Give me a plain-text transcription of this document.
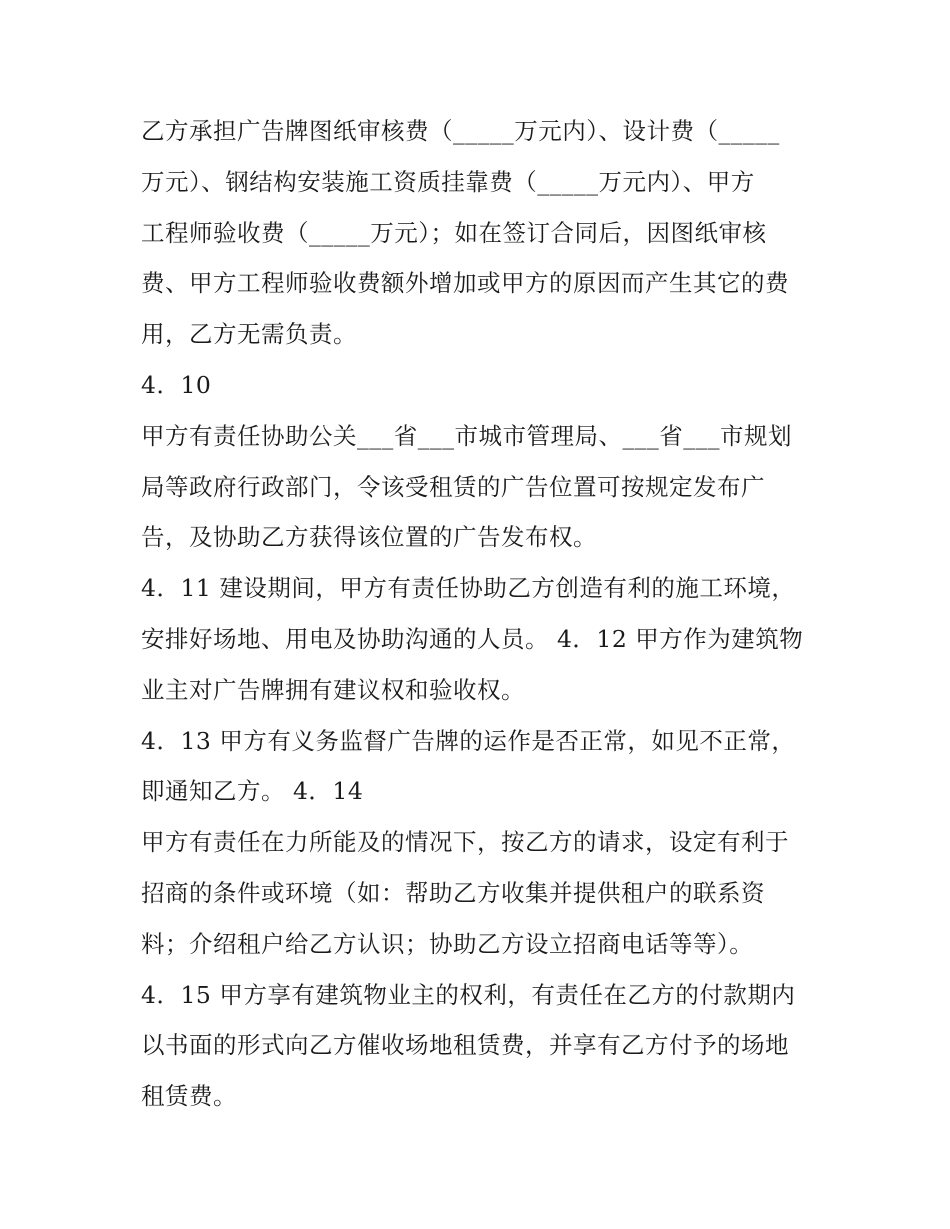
乙方承担广告牌图纸审核费（_____万元内）、设计费（_____
万元）、钢结构安装施工资质挂靠费（_____万元内）、甲方
工程师验收费（_____万元）；如在签订合同后，因图纸审核
费、甲方工程师验收费额外增加或甲方的原因而产生其它的费
用，乙方无需负责。
4．10
甲方有责任协助公关___省___市城市管理局、___省___市规划
局等政府行政部门，令该受租赁的广告位置可按规定发布广
告，及协助乙方获得该位置的广告发布权。
4．11 建设期间，甲方有责任协助乙方创造有利的施工环境，
安排好场地、用电及协助沟通的人员。 4．12 甲方作为建筑物
业主对广告牌拥有建议权和验收权。
4．13 甲方有义务监督广告牌的运作是否正常，如见不正常，
即通知乙方。 4．14
甲方有责任在力所能及的情况下，按乙方的请求，设定有利于
招商的条件或环境（如：帮助乙方收集并提供租户的联系资
料；介绍租户给乙方认识；协助乙方设立招商电话等等）。
4．15 甲方享有建筑物业主的权利，有责任在乙方的付款期内
以书面的形式向乙方催收场地租赁费，并享有乙方付予的场地
租赁费。
